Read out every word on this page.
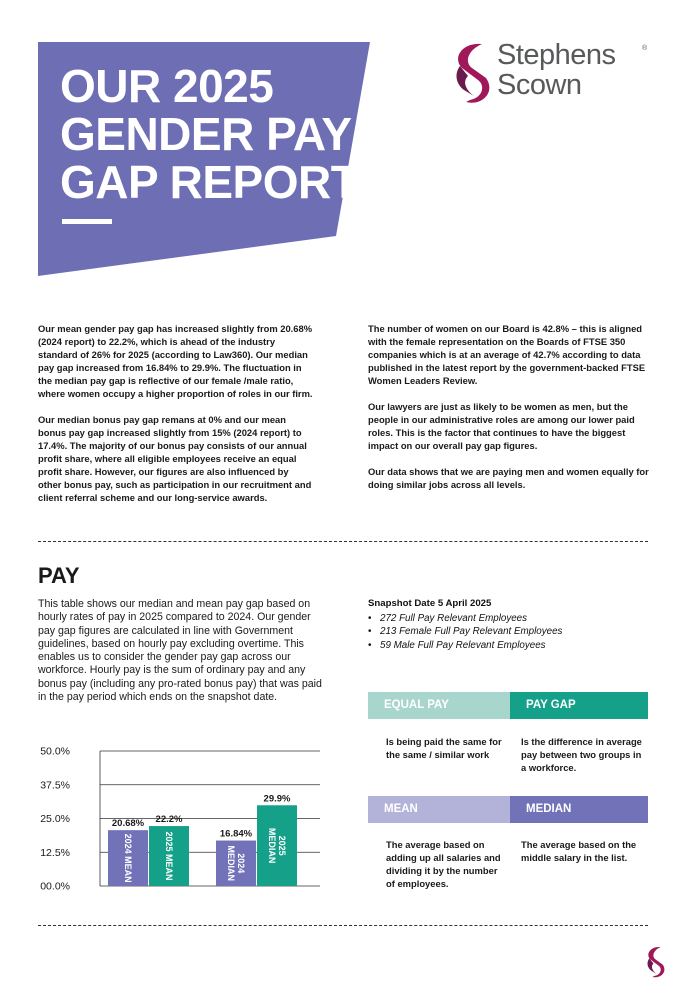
OUR 2025
GENDER PAY
GAP REPORT
Stephens
Scown
®

Our mean gender pay gap has increased slightly from 20.68% (2024 report) to 22.2%, which is ahead of the industry standard of 26% for 2025 (according to Law360). Our median pay gap increased from 16.84% to 29.9%. The fluctuation in the median pay gap is reflective of our female /male ratio, where women occupy a higher proportion of roles in our firm.

Our median bonus pay gap remans at 0% and our mean bonus pay gap increased slightly from 15% (2024 report) to 17.4%. The majority of our bonus pay consists of our annual profit share, where all eligible employees receive an equal profit share. However, our figures are also influenced by other bonus pay, such as participation in our recruitment and client referral scheme and our long-service awards.

The number of women on our Board is 42.8% – this is aligned with the female representation on the Boards of FTSE 350 companies which is at an average of 42.7% according to data published in the latest report by the government-backed FTSE Women Leaders Review.

Our lawyers are just as likely to be women as men, but the people in our administrative roles are among our lower paid roles. This is the factor that continues to have the biggest impact on our overall pay gap figures.

Our data shows that we are paying men and women equally for doing similar jobs across all levels.

PAY
This table shows our median and mean pay gap based on hourly rates of pay in 2025 compared to 2024. Our gender pay gap figures are calculated in line with Government guidelines, based on hourly pay excluding overtime. This enables us to consider the gender pay gap across our workforce. Hourly pay is the sum of ordinary pay and any bonus pay (including any pro-rated bonus pay) that was paid in the pay period which ends on the snapshot date.
Snapshot Date 5 April 2025
• 272 Full Pay Relevant Employees
• 213 Female Full Pay Relevant Employees
• 59 Male Full Pay Relevant Employees
EQUAL PAY	PAY GAP
Is being paid the same for the same / similar work
Is the difference in average pay between two groups in a workforce.
MEAN	MEDIAN
The average based on adding up all salaries and dividing it by the number of employees.
The average based on the middle salary in the list.
00.0%
12.5%
25.0%
37.5%
50.0%
20.68%
2024 MEAN
22.2%
2025 MEAN	16.84%
2024MEDIAN
29.9%
2025MEDIAN
